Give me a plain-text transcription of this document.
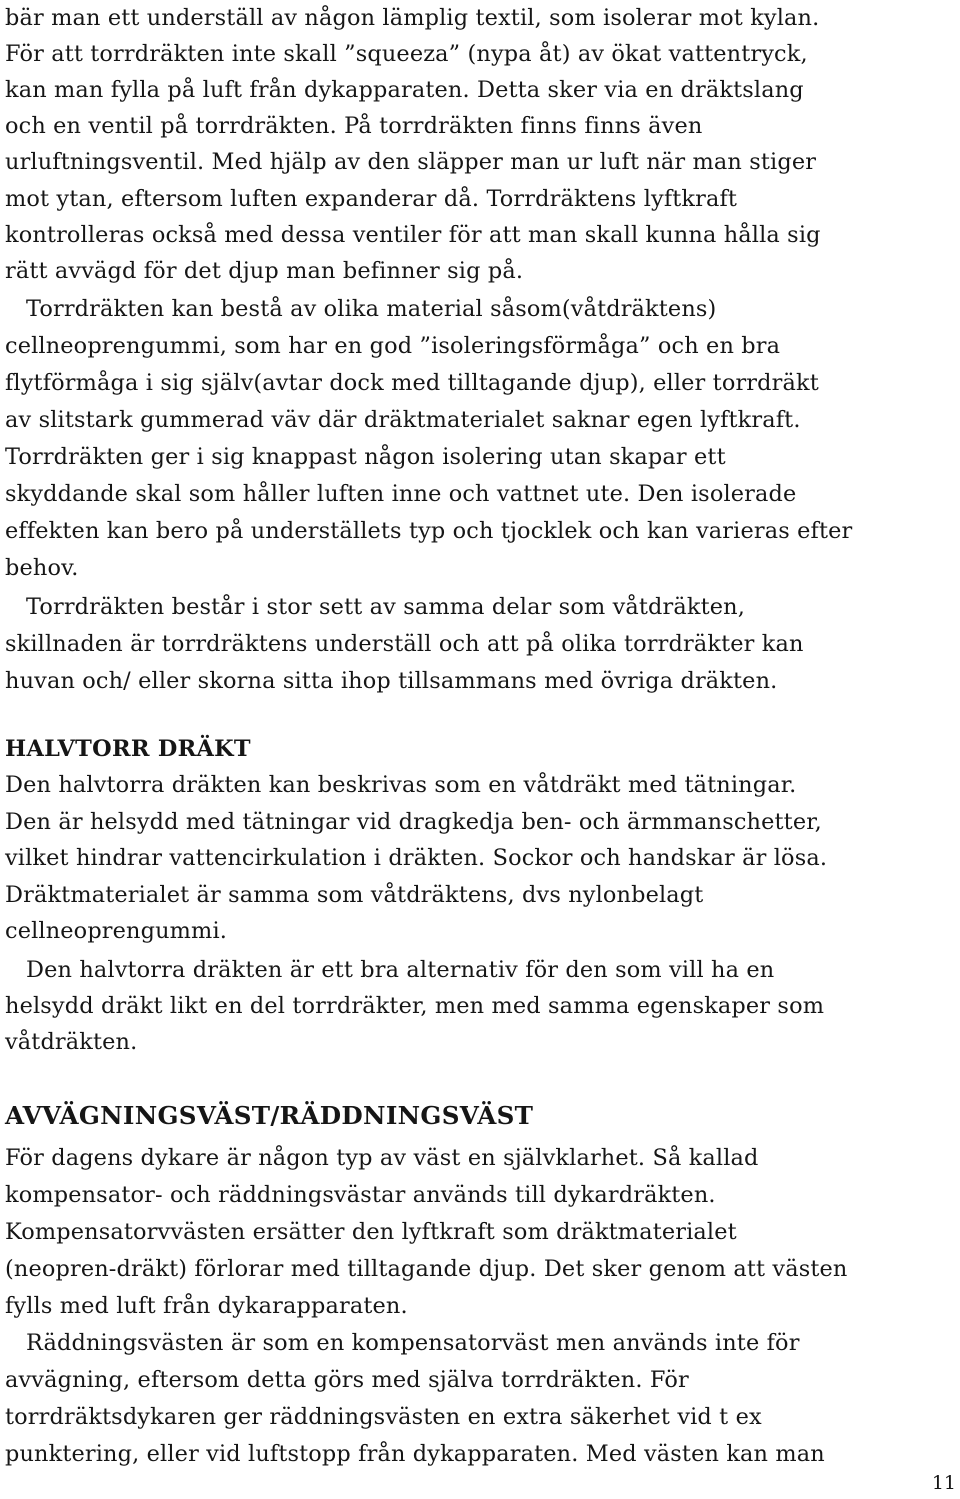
bär man ett underställ av någon lämplig textil, som isolerar mot kylan.
För att torrdräkten inte skall ”squeeza” (nypa åt) av ökat vattentryck,
kan man fylla på luft från dykapparaten. Detta sker via en dräktslang
och en ventil på torrdräkten. På torrdräkten finns finns även
urluftningsventil. Med hjälp av den släpper man ur luft när man stiger
mot ytan, eftersom luften expanderar då. Torrdräktens lyftkraft
kontrolleras också med dessa ventiler för att man skall kunna hålla sig
rätt avvägd för det djup man befinner sig på.
Torrdräkten kan bestå av olika material såsom(våtdräktens)
cellneoprengummi, som har en god ”isoleringsförmåga” och en bra
flytförmåga i sig själv(avtar dock med tilltagande djup), eller torrdräkt
av slitstark gummerad väv där dräktmaterialet saknar egen lyftkraft.
Torrdräkten ger i sig knappast någon isolering utan skapar ett
skyddande skal som håller luften inne och vattnet ute. Den isolerade
effekten kan bero på underställets typ och tjocklek och kan varieras efter
behov.
Torrdräkten består i stor sett av samma delar som våtdräkten,
skillnaden är torrdräktens underställ och att på olika torrdräkter kan
huvan och/ eller skorna sitta ihop tillsammans med övriga dräkten.
HALVTORR DRÄKT
Den halvtorra dräkten kan beskrivas som en våtdräkt med tätningar.
Den är helsydd med tätningar vid dragkedja ben- och ärmmanschetter,
vilket hindrar vattencirkulation i dräkten. Sockor och handskar är lösa.
Dräktmaterialet är samma som våtdräktens, dvs nylonbelagt
cellneoprengummi.
Den halvtorra dräkten är ett bra alternativ för den som vill ha en
helsydd dräkt likt en del torrdräkter, men med samma egenskaper som
våtdräkten.
AVVÄGNINGSVÄST/RÄDDNINGSVÄST
För dagens dykare är någon typ av väst en självklarhet. Så kallad
kompensator- och räddningsvästar används till dykardräkten.
Kompensatorvvästen ersätter den lyftkraft som dräktmaterialet
(neopren-dräkt) förlorar med tilltagande djup. Det sker genom att västen
fylls med luft från dykarapparaten.
Räddningsvästen är som en kompensatorväst men används inte för
avvägning, eftersom detta görs med själva torrdräkten. För
torrdräktsdykaren ger räddningsvästen en extra säkerhet vid t ex
punktering, eller vid luftstopp från dykapparaten. Med västen kan man
11
